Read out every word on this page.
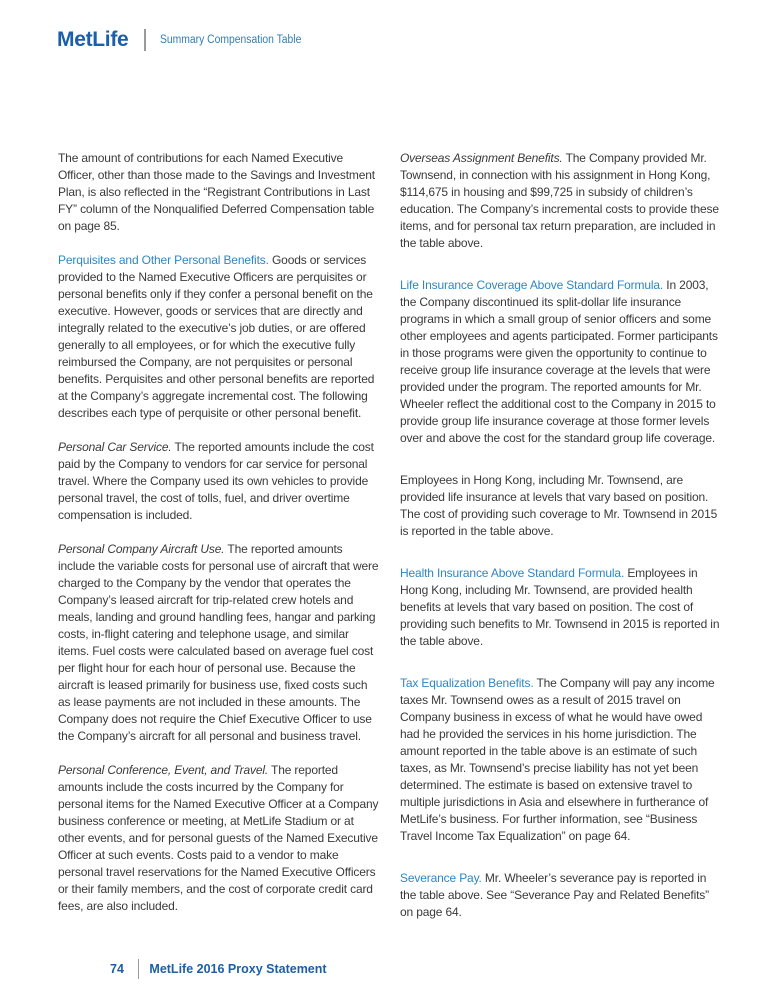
MetLife	Summary Compensation Table

The amount of contributions for each Named Executive Officer, other than those made to the Savings and Investment Plan, is also reflected in the “Registrant Contributions in Last FY” column of the Nonqualified Deferred Compensation table on page 85.

Perquisites and Other Personal Benefits. Goods or services provided to the Named Executive Officers are perquisites or personal benefits only if they confer a personal benefit on the executive. However, goods or services that are directly and integrally related to the executive’s job duties, or are offered generally to all employees, or for which the executive fully reimbursed the Company, are not perquisites or personal benefits. Perquisites and other personal benefits are reported at the Company’s aggregate incremental cost. The following describes each type of perquisite or other personal benefit.

Personal Car Service. The reported amounts include the cost paid by the Company to vendors for car service for personal travel. Where the Company used its own vehicles to provide personal travel, the cost of tolls, fuel, and driver overtime compensation is included.

Personal Company Aircraft Use. The reported amounts include the variable costs for personal use of aircraft that were charged to the Company by the vendor that operates the Company’s leased aircraft for trip-related crew hotels and meals, landing and ground handling fees, hangar and parking costs, in-flight catering and telephone usage, and similar items. Fuel costs were calculated based on average fuel cost per flight hour for each hour of personal use. Because the aircraft is leased primarily for business use, fixed costs such as lease payments are not included in these amounts. The Company does not require the Chief Executive Officer to use the Company’s aircraft for all personal and business travel.

Personal Conference, Event, and Travel. The reported amounts include the costs incurred by the Company for personal items for the Named Executive Officer at a Company business conference or meeting, at MetLife Stadium or at other events, and for personal guests of the Named Executive Officer at such events. Costs paid to a vendor to make personal travel reservations for the Named Executive Officers or their family members, and the cost of corporate credit card fees, are also included.

Overseas Assignment Benefits. The Company provided Mr. Townsend, in connection with his assignment in Hong Kong, $114,675 in housing and $99,725 in subsidy of children’s education. The Company’s incremental costs to provide these items, and for personal tax return preparation, are included in the table above.

Life Insurance Coverage Above Standard Formula. In 2003, the Company discontinued its split-dollar life insurance programs in which a small group of senior officers and some other employees and agents participated. Former participants in those programs were given the opportunity to continue to receive group life insurance coverage at the levels that were provided under the program. The reported amounts for Mr. Wheeler reflect the additional cost to the Company in 2015 to provide group life insurance coverage at those former levels over and above the cost for the standard group life coverage.

Employees in Hong Kong, including Mr. Townsend, are provided life insurance at levels that vary based on position. The cost of providing such coverage to Mr. Townsend in 2015 is reported in the table above.

Health Insurance Above Standard Formula. Employees in Hong Kong, including Mr. Townsend, are provided health benefits at levels that vary based on position. The cost of providing such benefits to Mr. Townsend in 2015 is reported in the table above.

Tax Equalization Benefits. The Company will pay any income taxes Mr. Townsend owes as a result of 2015 travel on Company business in excess of what he would have owed had he provided the services in his home jurisdiction. The amount reported in the table above is an estimate of such taxes, as Mr. Townsend’s precise liability has not yet been determined. The estimate is based on extensive travel to multiple jurisdictions in Asia and elsewhere in furtherance of MetLife’s business. For further information, see “Business Travel Income Tax Equalization” on page 64.

Severance Pay. Mr. Wheeler’s severance pay is reported in the table above. See “Severance Pay and Related Benefits” on page 64.

74 MetLife 2016 Proxy Statement
